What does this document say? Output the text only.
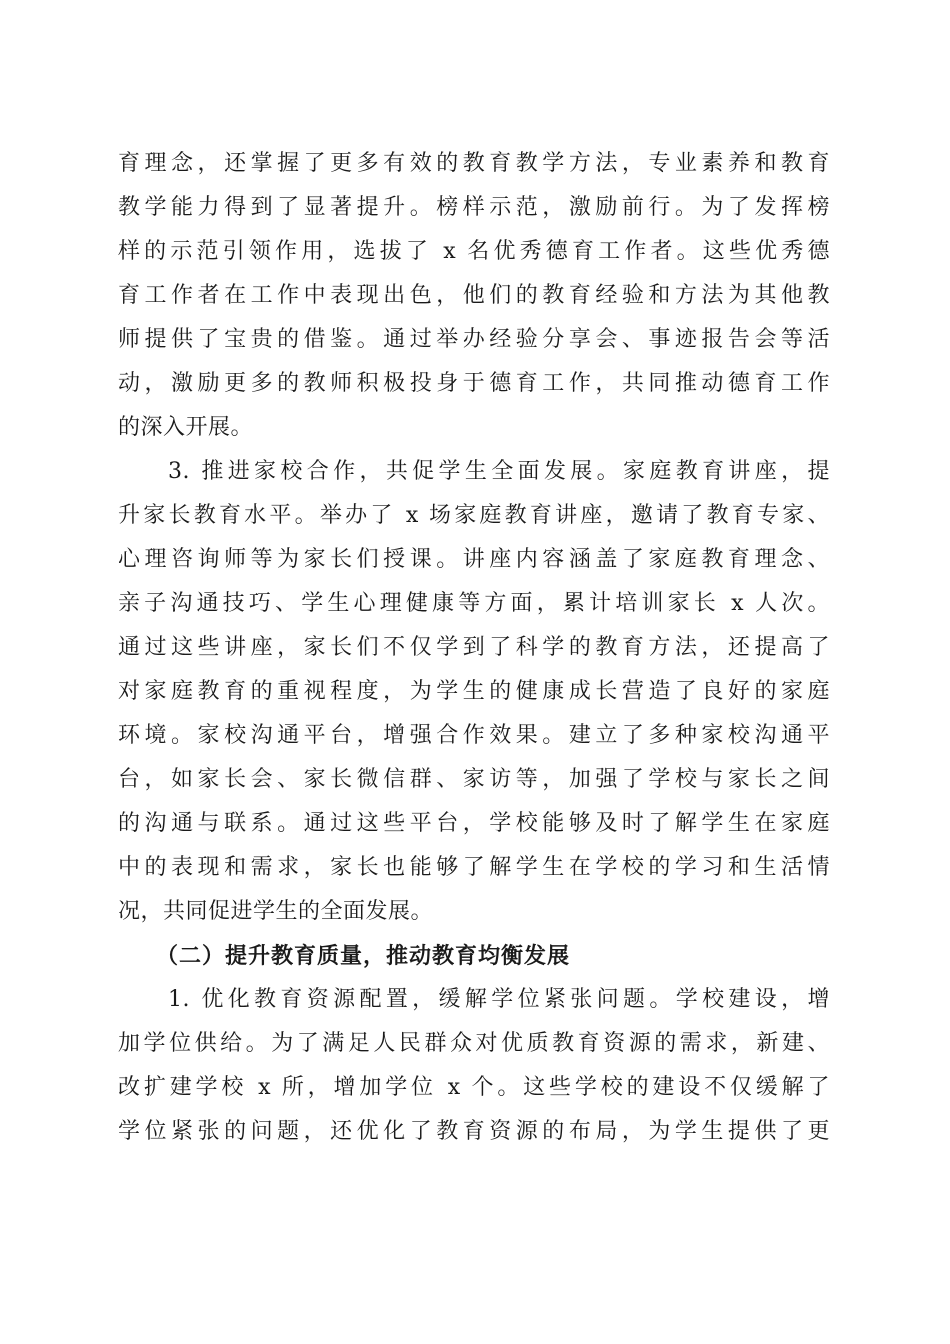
育理念，还掌握了更多有效的教育教学方法，专业素养和教育
教学能力得到了显著提升。榜样示范，激励前行。为了发挥榜
样的示范引领作用，选拔了 x 名优秀德育工作者。这些优秀德
育工作者在工作中表现出色，他们的教育经验和方法为其他教
师提供了宝贵的借鉴。通过举办经验分享会、事迹报告会等活
动，激励更多的教师积极投身于德育工作，共同推动德育工作
的深入开展。
3. 推进家校合作，共促学生全面发展。家庭教育讲座，提
升家长教育水平。举办了 x 场家庭教育讲座，邀请了教育专家、
心理咨询师等为家长们授课。讲座内容涵盖了家庭教育理念、
亲子沟通技巧、学生心理健康等方面，累计培训家长 x 人次。
通过这些讲座，家长们不仅学到了科学的教育方法，还提高了
对家庭教育的重视程度，为学生的健康成长营造了良好的家庭
环境。家校沟通平台，增强合作效果。建立了多种家校沟通平
台，如家长会、家长微信群、家访等，加强了学校与家长之间
的沟通与联系。通过这些平台，学校能够及时了解学生在家庭
中的表现和需求，家长也能够了解学生在学校的学习和生活情
况，共同促进学生的全面发展。
（二）提升教育质量，推动教育均衡发展
1. 优化教育资源配置，缓解学位紧张问题。学校建设，增
加学位供给。为了满足人民群众对优质教育资源的需求，新建、
改扩建学校 x 所，增加学位 x 个。这些学校的建设不仅缓解了
学位紧张的问题，还优化了教育资源的布局，为学生提供了更
